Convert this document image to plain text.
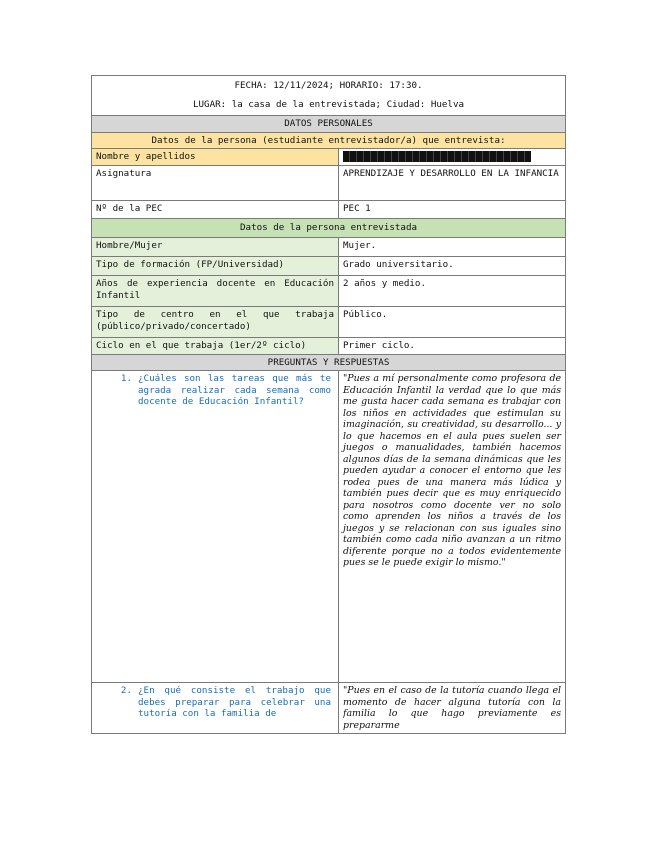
FECHA: 12/11/2024; HORARIO: 17:30.
LUGAR: la casa de la entrevistada; Ciudad: Huelva	

DATOS PERSONALES	
Datos de la persona (estudiante entrevistador/a) que entrevista:	
Nombre y apellidos	
Asignatura	APRENDIZAJE Y DESARROLLO EN LA INFANCIA
Nº de la PEC	PEC 1
Datos de la persona entrevistada	
Hombre/Mujer	Mujer.
Tipo de formación (FP/Universidad)	Grado universitario.
Años de experiencia docente en Educación Infantil	2 años y medio.
Tipo de centro en el que trabaja (público/privado/concertado)	Público.
Ciclo en el que trabaja (1er/2º ciclo)	Primer ciclo.
PREGUNTAS Y RESPUESTAS	

1. ¿Cuáles son las tareas que más te agrada realizar cada semana como docente de Educación Infantil?	"Pues a mí personalmente como profesora de Educación Infantil la verdad que lo que más me gusta hacer cada semana es trabajar con los niños en actividades que estimulan su imaginación, su creatividad, su desarrollo... y lo que hacemos en el aula pues suelen ser juegos o manualidades, también hacemos algunos días de la semana dinámicas que les pueden ayudar a conocer el entorno que les rodea pues de una manera más lúdica y también pues decir que es muy enriquecido para nosotros como docente ver no solo como aprenden los niños a través de los juegos y se relacionan con sus iguales sino también como cada niño avanzan a un ritmo diferente porque no a todos evidentemente pues se le puede exigir lo mismo."

2. ¿En qué consiste el trabajo que debes preparar para celebrar una tutoría con la familia de	"Pues en el caso de la tutoría cuando llega el momento de hacer alguna tutoría con la familia lo que hago previamente es prepararme
